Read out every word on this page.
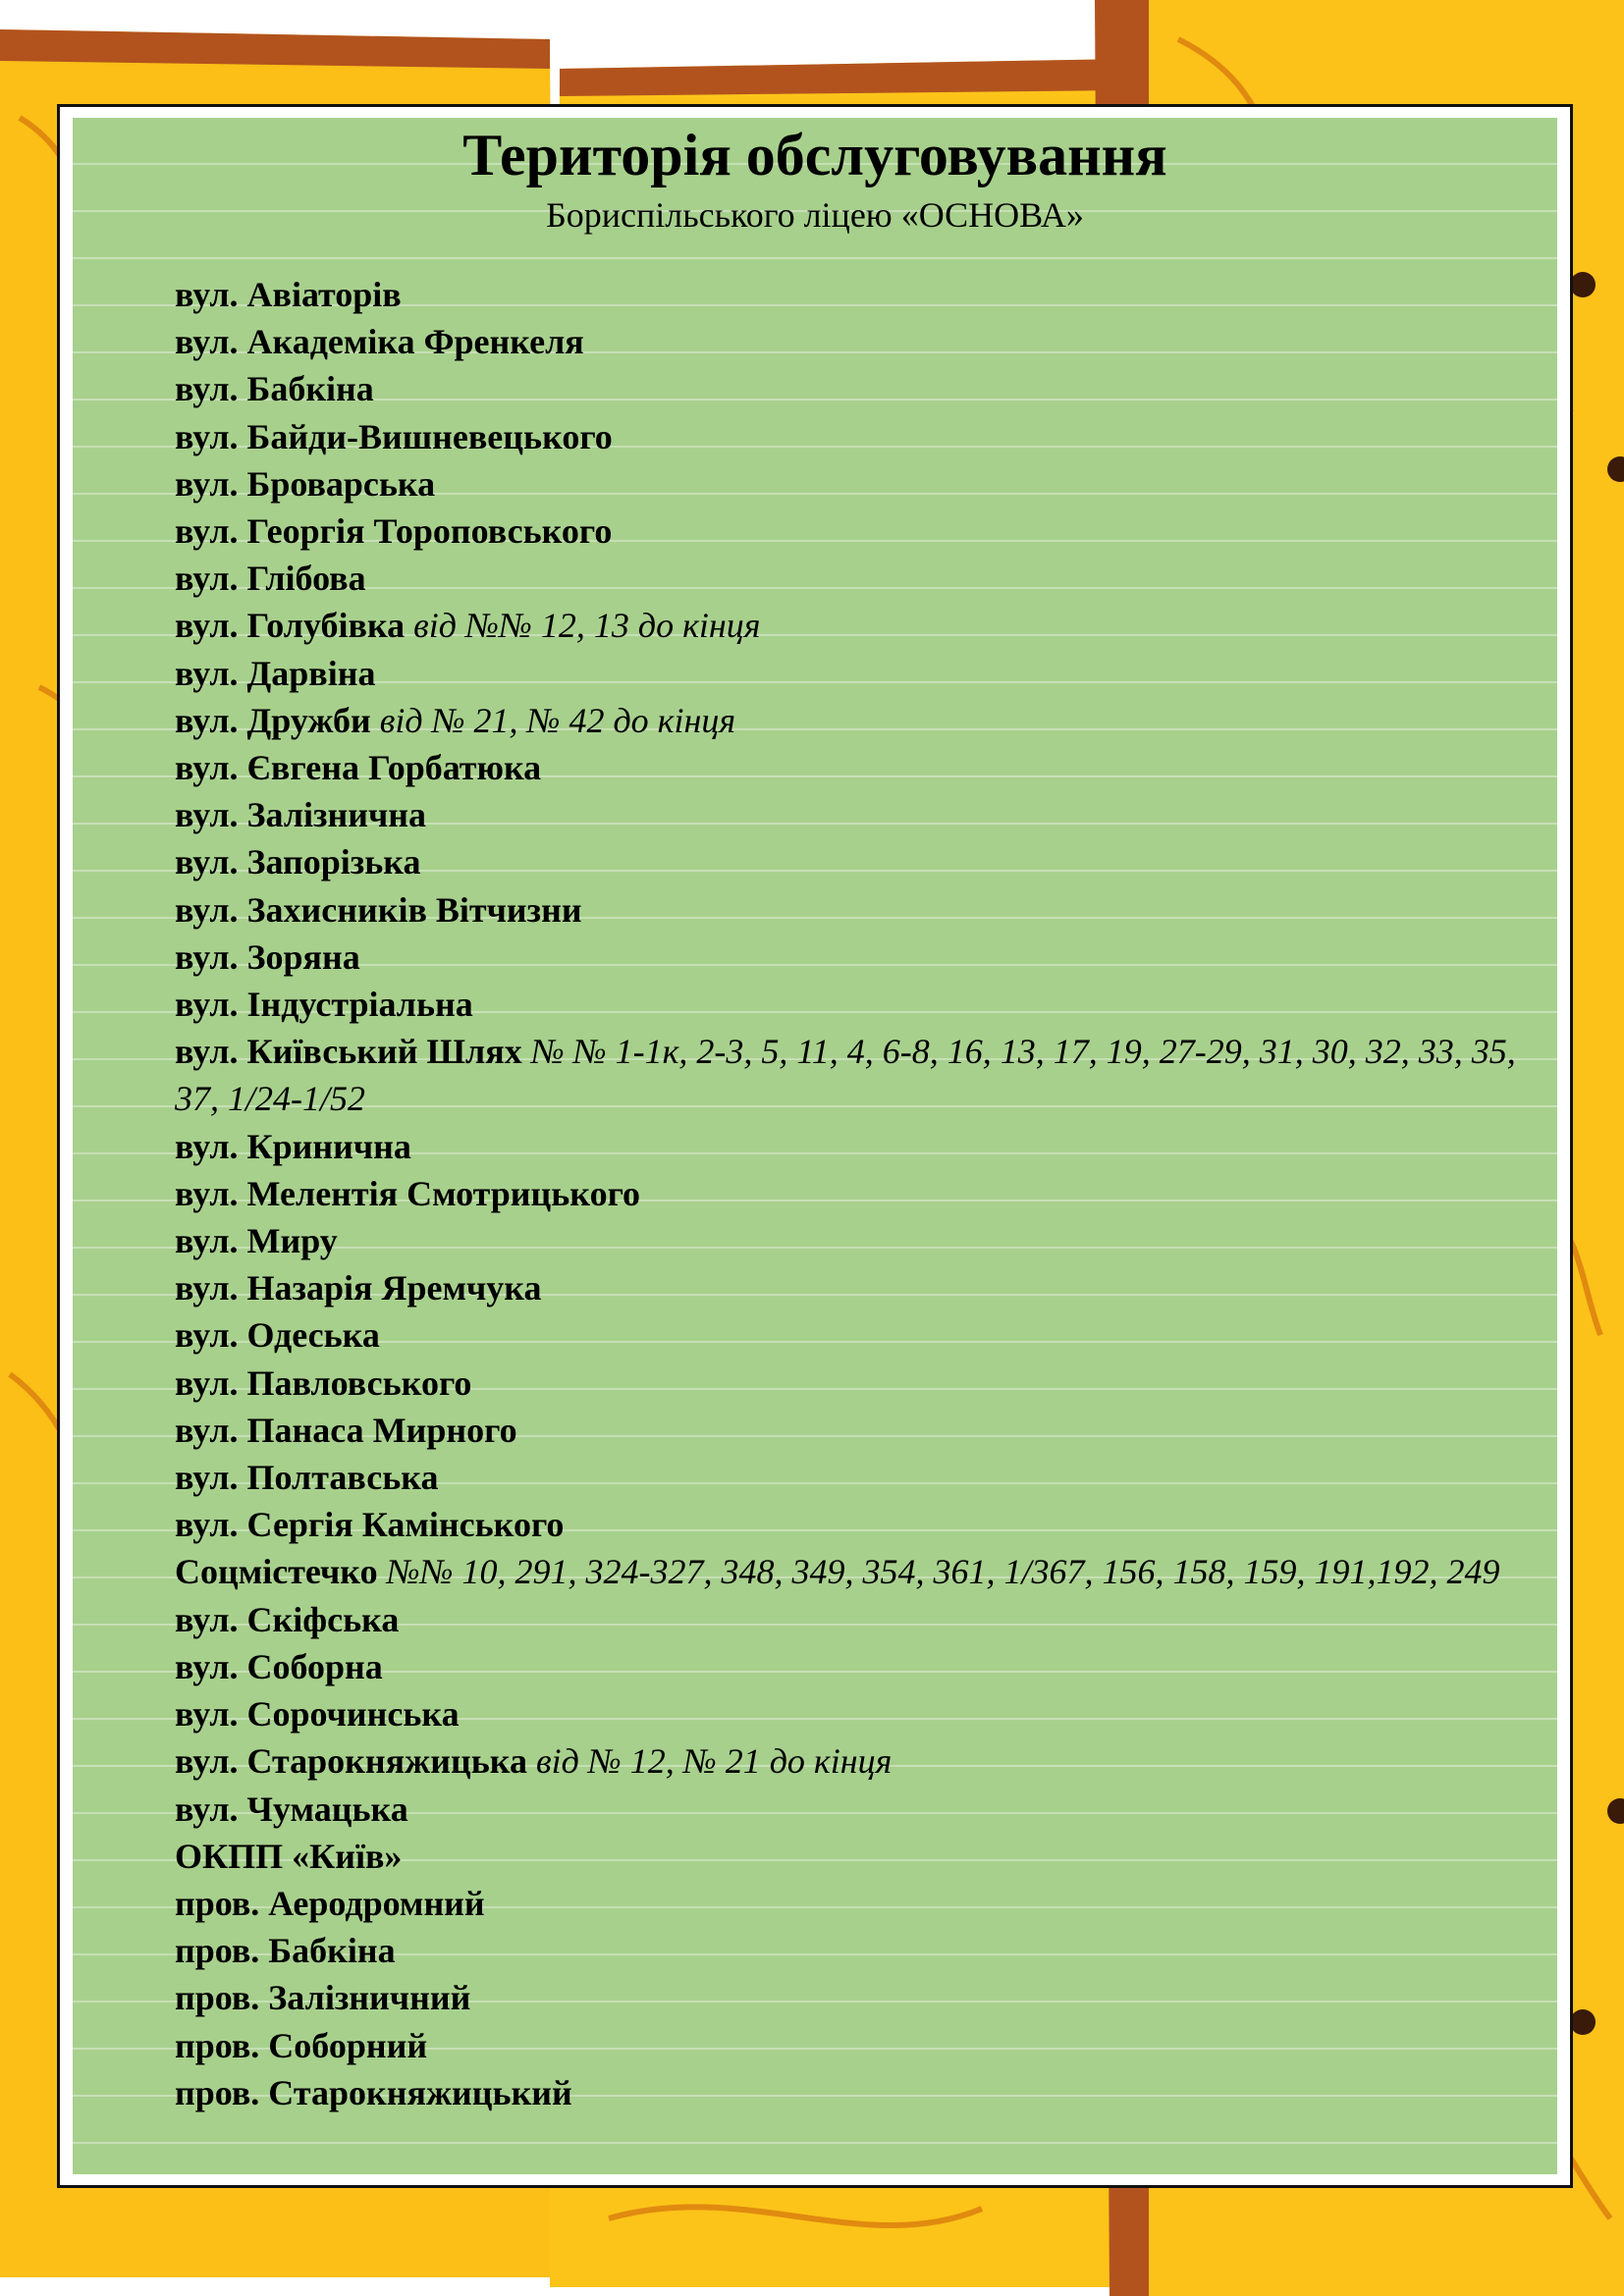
Територія обслуговування

Бориспільського ліцею «ОСНОВА»

вул. Авіаторів
вул. Академіка Френкеля
вул. Бабкіна
вул. Байди-Вишневецького
вул. Броварська
вул. Георгія Тороповського
вул. Глібова
вул. Голубівка від №№ 12, 13 до кінця
вул. Дарвіна
вул. Дружби від № 21, № 42 до кінця
вул. Євгена Горбатюка
вул. Залізнична
вул. Запорізька
вул. Захисників Вітчизни
вул. Зоряна
вул. Індустріальна
вул. Київський Шлях № № 1-1к, 2-3, 5, 11, 4, 6-8, 16, 13, 17, 19, 27-29, 31, 30, 32, 33, 35, 37, 1/24-1/52
вул. Кринична
вул. Мелентія Смотрицького
вул. Миру
вул. Назарія Яремчука
вул. Одеська
вул. Павловського
вул. Панаса Мирного
вул. Полтавська
вул. Сергія Камінського
Соцмістечко №№ 10, 291, 324-327, 348, 349, 354, 361, 1/367, 156, 158, 159, 191,192, 249
вул. Скіфська
вул. Соборна
вул. Сорочинська
вул. Старокняжицька від № 12, № 21 до кінця
вул. Чумацька
ОКПП «Київ»
пров. Аеродромний
пров. Бабкіна
пров. Залізничний
пров. Соборний
пров. Старокняжицький
